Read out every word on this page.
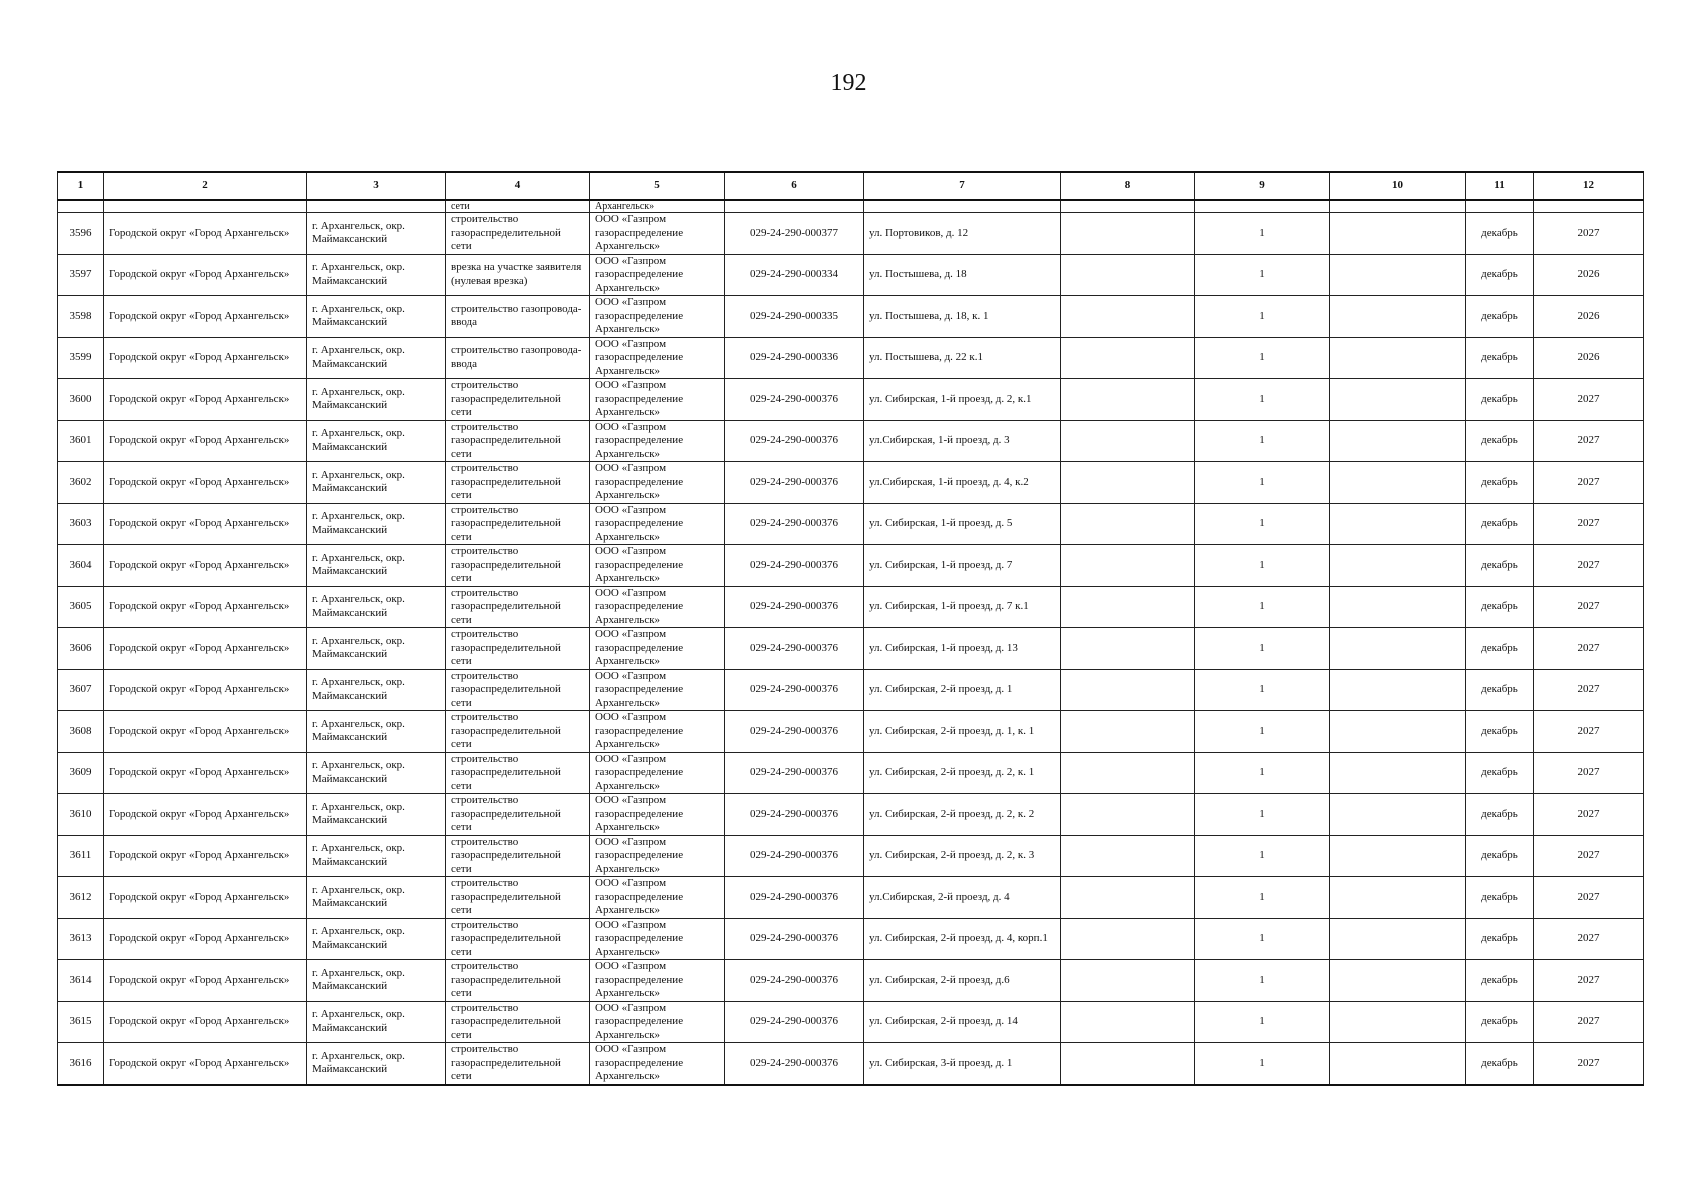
192
1	2	3	4	5	6	7	8	9	10	11	12
			сети	Архангельск»							
3596	Городской округ «Город Архангельск»	г. Архангельск, окр. Маймаксанский	строительство газораспределительной сети	ООО «Газпром газораспределение Архангельск»	029-24-290-000377	ул. Портовиков, д. 12		1		декабрь	2027
3597	Городской округ «Город Архангельск»	г. Архангельск, окр. Маймаксанский	врезка на участке заявителя (нулевая врезка)	ООО «Газпром газораспределение Архангельск»	029-24-290-000334	ул. Постышева, д. 18		1		декабрь	2026
3598	Городской округ «Город Архангельск»	г. Архангельск, окр. Маймаксанский	строительство газопровода-ввода	ООО «Газпром газораспределение Архангельск»	029-24-290-000335	ул. Постышева, д. 18, к. 1		1		декабрь	2026
3599	Городской округ «Город Архангельск»	г. Архангельск, окр. Маймаксанский	строительство газопровода-ввода	ООО «Газпром газораспределение Архангельск»	029-24-290-000336	ул. Постышева, д. 22 к.1		1		декабрь	2026
3600	Городской округ «Город Архангельск»	г. Архангельск, окр. Маймаксанский	строительство газораспределительной сети	ООО «Газпром газораспределение Архангельск»	029-24-290-000376	ул. Сибирская, 1-й проезд, д. 2, к.1		1		декабрь	2027
3601	Городской округ «Город Архангельск»	г. Архангельск, окр. Маймаксанский	строительство газораспределительной сети	ООО «Газпром газораспределение Архангельск»	029-24-290-000376	ул.Сибирская, 1-й проезд, д. 3		1		декабрь	2027
3602	Городской округ «Город Архангельск»	г. Архангельск, окр. Маймаксанский	строительство газораспределительной сети	ООО «Газпром газораспределение Архангельск»	029-24-290-000376	ул.Сибирская, 1-й проезд, д. 4, к.2		1		декабрь	2027
3603	Городской округ «Город Архангельск»	г. Архангельск, окр. Маймаксанский	строительство газораспределительной сети	ООО «Газпром газораспределение Архангельск»	029-24-290-000376	ул. Сибирская, 1-й проезд, д. 5		1		декабрь	2027
3604	Городской округ «Город Архангельск»	г. Архангельск, окр. Маймаксанский	строительство газораспределительной сети	ООО «Газпром газораспределение Архангельск»	029-24-290-000376	ул. Сибирская, 1-й проезд, д. 7		1		декабрь	2027
3605	Городской округ «Город Архангельск»	г. Архангельск, окр. Маймаксанский	строительство газораспределительной сети	ООО «Газпром газораспределение Архангельск»	029-24-290-000376	ул. Сибирская, 1-й проезд, д. 7 к.1		1		декабрь	2027
3606	Городской округ «Город Архангельск»	г. Архангельск, окр. Маймаксанский	строительство газораспределительной сети	ООО «Газпром газораспределение Архангельск»	029-24-290-000376	ул. Сибирская, 1-й проезд, д. 13		1		декабрь	2027
3607	Городской округ «Город Архангельск»	г. Архангельск, окр. Маймаксанский	строительство газораспределительной сети	ООО «Газпром газораспределение Архангельск»	029-24-290-000376	ул. Сибирская, 2-й проезд, д. 1		1		декабрь	2027
3608	Городской округ «Город Архангельск»	г. Архангельск, окр. Маймаксанский	строительство газораспределительной сети	ООО «Газпром газораспределение Архангельск»	029-24-290-000376	ул. Сибирская, 2-й проезд, д. 1, к. 1		1		декабрь	2027
3609	Городской округ «Город Архангельск»	г. Архангельск, окр. Маймаксанский	строительство газораспределительной сети	ООО «Газпром газораспределение Архангельск»	029-24-290-000376	ул. Сибирская, 2-й проезд, д. 2, к. 1		1		декабрь	2027
3610	Городской округ «Город Архангельск»	г. Архангельск, окр. Маймаксанский	строительство газораспределительной сети	ООО «Газпром газораспределение Архангельск»	029-24-290-000376	ул. Сибирская, 2-й проезд, д. 2, к. 2		1		декабрь	2027
3611	Городской округ «Город Архангельск»	г. Архангельск, окр. Маймаксанский	строительство газораспределительной сети	ООО «Газпром газораспределение Архангельск»	029-24-290-000376	ул. Сибирская, 2-й проезд, д. 2, к. 3		1		декабрь	2027
3612	Городской округ «Город Архангельск»	г. Архангельск, окр. Маймаксанский	строительство газораспределительной сети	ООО «Газпром газораспределение Архангельск»	029-24-290-000376	ул.Сибирская, 2-й проезд, д. 4		1		декабрь	2027
3613	Городской округ «Город Архангельск»	г. Архангельск, окр. Маймаксанский	строительство газораспределительной сети	ООО «Газпром газораспределение Архангельск»	029-24-290-000376	ул. Сибирская, 2-й проезд, д. 4, корп.1		1		декабрь	2027
3614	Городской округ «Город Архангельск»	г. Архангельск, окр. Маймаксанский	строительство газораспределительной сети	ООО «Газпром газораспределение Архангельск»	029-24-290-000376	ул. Сибирская, 2-й проезд, д.6		1		декабрь	2027
3615	Городской округ «Город Архангельск»	г. Архангельск, окр. Маймаксанский	строительство газораспределительной сети	ООО «Газпром газораспределение Архангельск»	029-24-290-000376	ул. Сибирская, 2-й проезд, д. 14		1		декабрь	2027
3616	Городской округ «Город Архангельск»	г. Архангельск, окр. Маймаксанский	строительство газораспределительной сети	ООО «Газпром газораспределение Архангельск»	029-24-290-000376	ул. Сибирская, 3-й проезд, д. 1		1		декабрь	2027
